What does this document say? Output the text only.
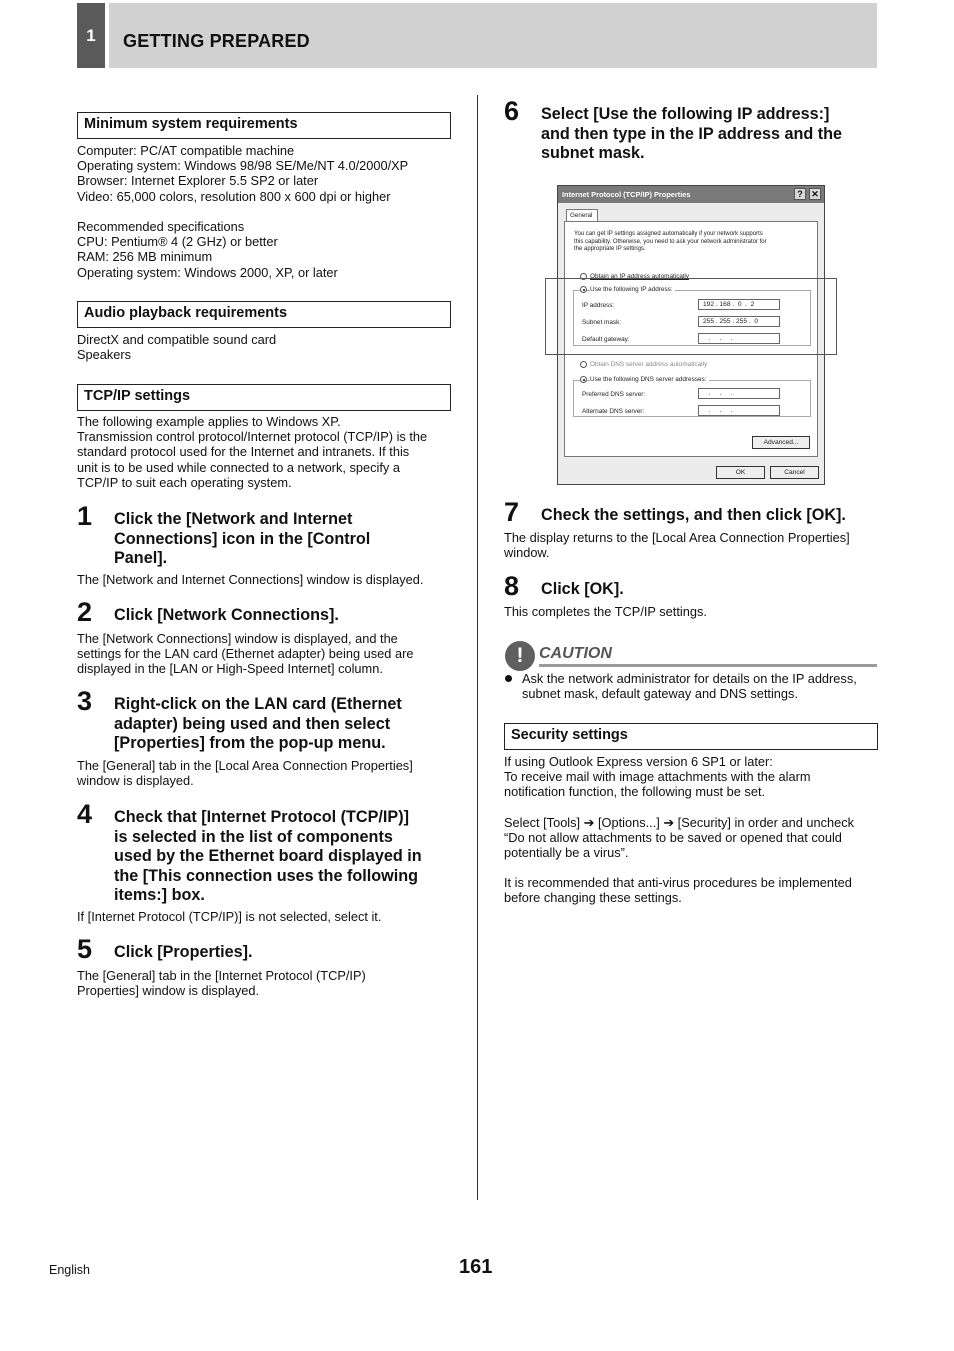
1	GETTING PREPARED
Minimum system requirements
Computer: PC/AT compatible machine
Operating system: Windows 98/98 SE/Me/NT 4.0/2000/XP
Browser: Internet Explorer 5.5 SP2 or later
Video: 65,000 colors, resolution 800 x 600 dpi or higher
Recommended specifications
CPU: Pentium® 4 (2 GHz) or better
RAM: 256 MB minimum
Operating system: Windows 2000, XP, or later
Audio playback requirements
DirectX and compatible sound card
Speakers
TCP/IP settings
The following example applies to Windows XP.
Transmission control protocol/Internet protocol (TCP/IP) is the
standard protocol used for the Internet and intranets. If this
unit is to be used while connected to a network, specify a
TCP/IP to suit each operating system.
1 Click the [Network and Internet
Connections] icon in the [Control
Panel].
The [Network and Internet Connections] window is displayed.
2 Click [Network Connections].
The [Network Connections] window is displayed, and the
settings for the LAN card (Ethernet adapter) being used are
displayed in the [LAN or High-Speed Internet] column.
3 Right-click on the LAN card (Ethernet
adapter) being used and then select
[Properties] from the pop-up menu.
The [General] tab in the [Local Area Connection Properties]
window is displayed.
4 Check that [Internet Protocol (TCP/IP)]
is selected in the list of components
used by the Ethernet board displayed in
the [This connection uses the following
items:] box.
If [Internet Protocol (TCP/IP)] is not selected, select it.
5 Click [Properties].
The [General] tab in the [Internet Protocol (TCP/IP)
Properties] window is displayed.
6 Select [Use the following IP address:]
and then type in the IP address and the
subnet mask.
Internet Protocol (TCP/IP) Properties	? ✕
General
You can get IP settings assigned automatically if your network supports
this capability. Otherwise, you need to ask your network administrator for
the appropriate IP settings.
Obtain an IP address automatically
Use the following IP address:
IP address:	192 . 168 .  0  .  2
Subnet mask:	255 . 255 . 255 .  0
Default gateway:	.     .     .
Obtain DNS server address automatically
Use the following DNS server addresses:
Preferred DNS server:	.     .     .
Alternate DNS server:	.     .     .
Advanced...
OK	Cancel
7 Check the settings, and then click [OK].
The display returns to the [Local Area Connection Properties]
window.
8 Click [OK].
This completes the TCP/IP settings.
! CAUTION
Ask the network administrator for details on the IP address,
subnet mask, default gateway and DNS settings.
Security settings
If using Outlook Express version 6 SP1 or later:
To receive mail with image attachments with the alarm
notification function, the following must be set.
Select [Tools] ➔ [Options...] ➔ [Security] in order and uncheck
“Do not allow attachments to be saved or opened that could
potentially be a virus”.
It is recommended that anti-virus procedures be implemented
before changing these settings.
English	161
